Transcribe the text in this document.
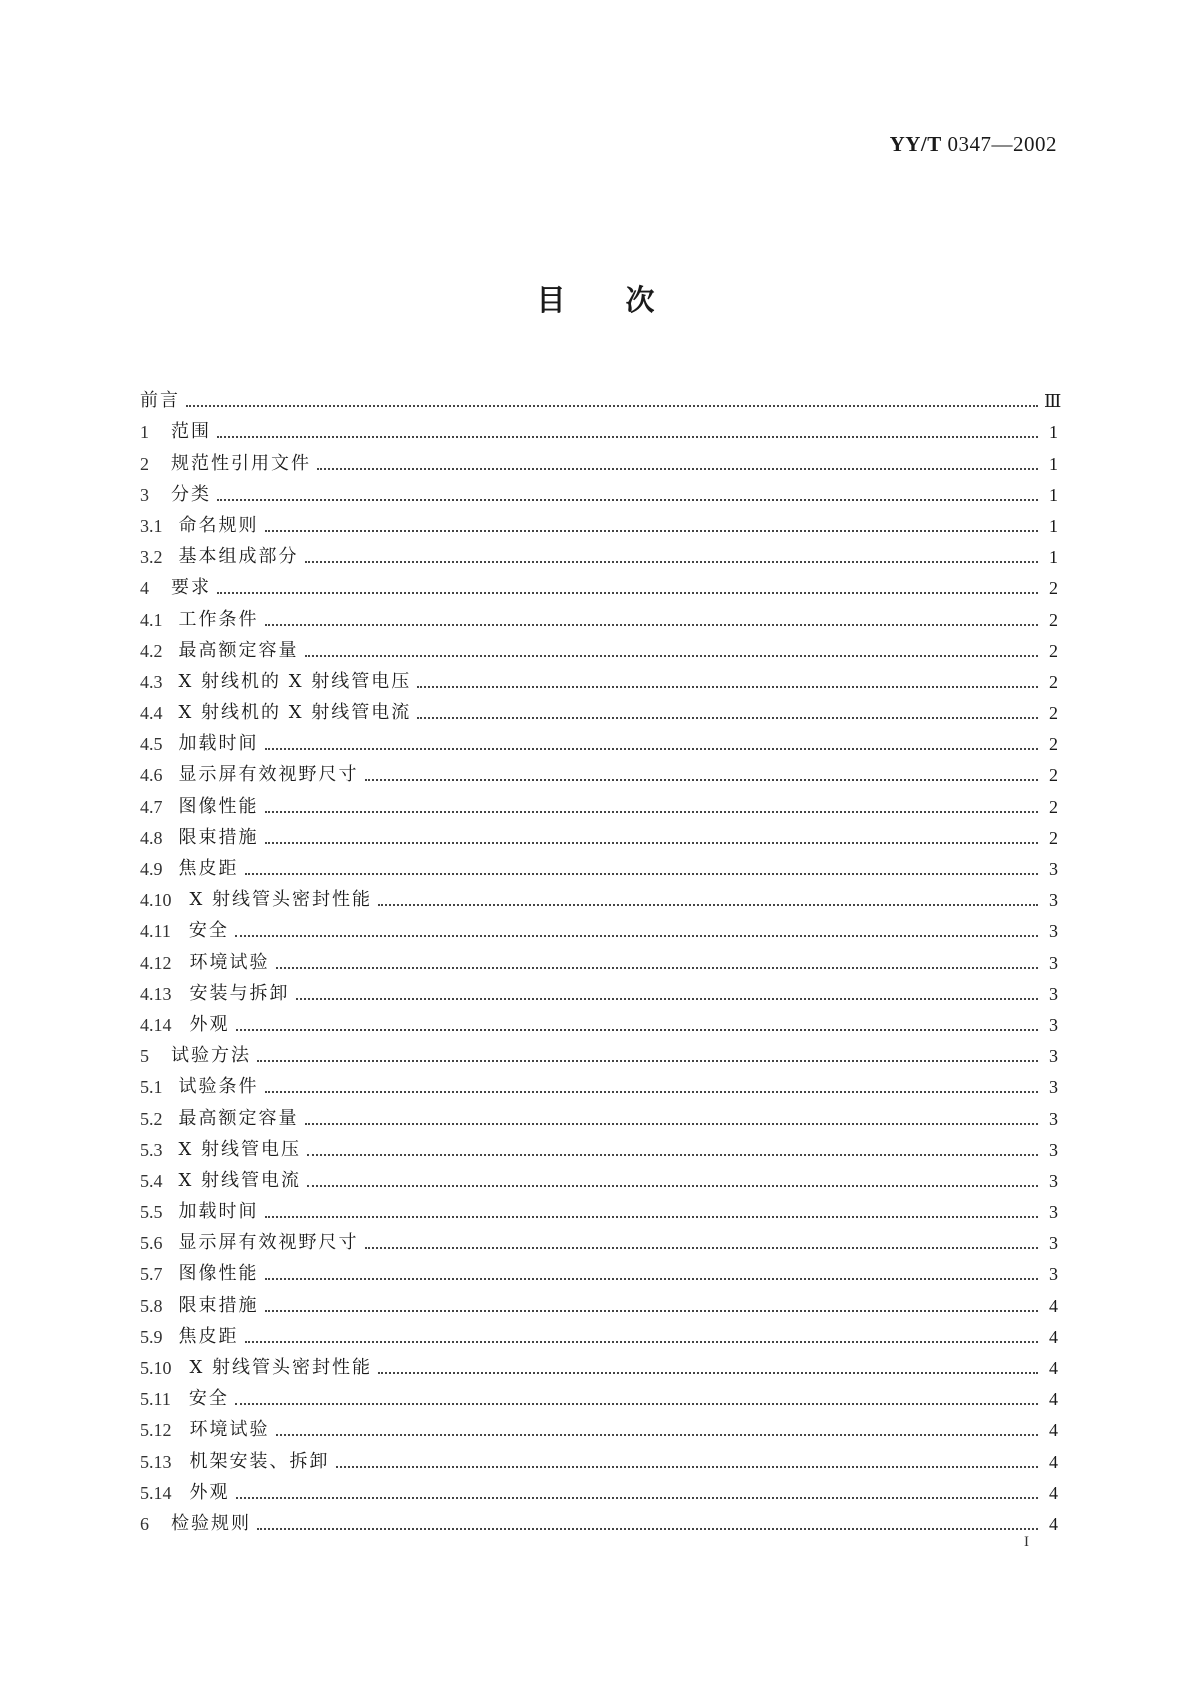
YY/T 0347—2002
目次
前言	Ⅲ
1 范围	1
2 规范性引用文件	1
3 分类	1
3.1 命名规则	1
3.2 基本组成部分	1
4 要求	2
4.1 工作条件	2
4.2 最高额定容量	2
4.3 X 射线机的 X 射线管电压	2
4.4 X 射线机的 X 射线管电流	2
4.5 加载时间	2
4.6 显示屏有效视野尺寸	2
4.7 图像性能	2
4.8 限束措施	2
4.9 焦皮距	3
4.10 X 射线管头密封性能	3
4.11 安全	3
4.12 环境试验	3
4.13 安装与拆卸	3
4.14 外观	3
5 试验方法	3
5.1 试验条件	3
5.2 最高额定容量	3
5.3 X 射线管电压	3
5.4 X 射线管电流	3
5.5 加载时间	3
5.6 显示屏有效视野尺寸	3
5.7 图像性能	3
5.8 限束措施	4
5.9 焦皮距	4
5.10 X 射线管头密封性能	4
5.11 安全	4
5.12 环境试验	4
5.13 机架安装、拆卸	4
5.14 外观	4
6 检验规则	4
I
